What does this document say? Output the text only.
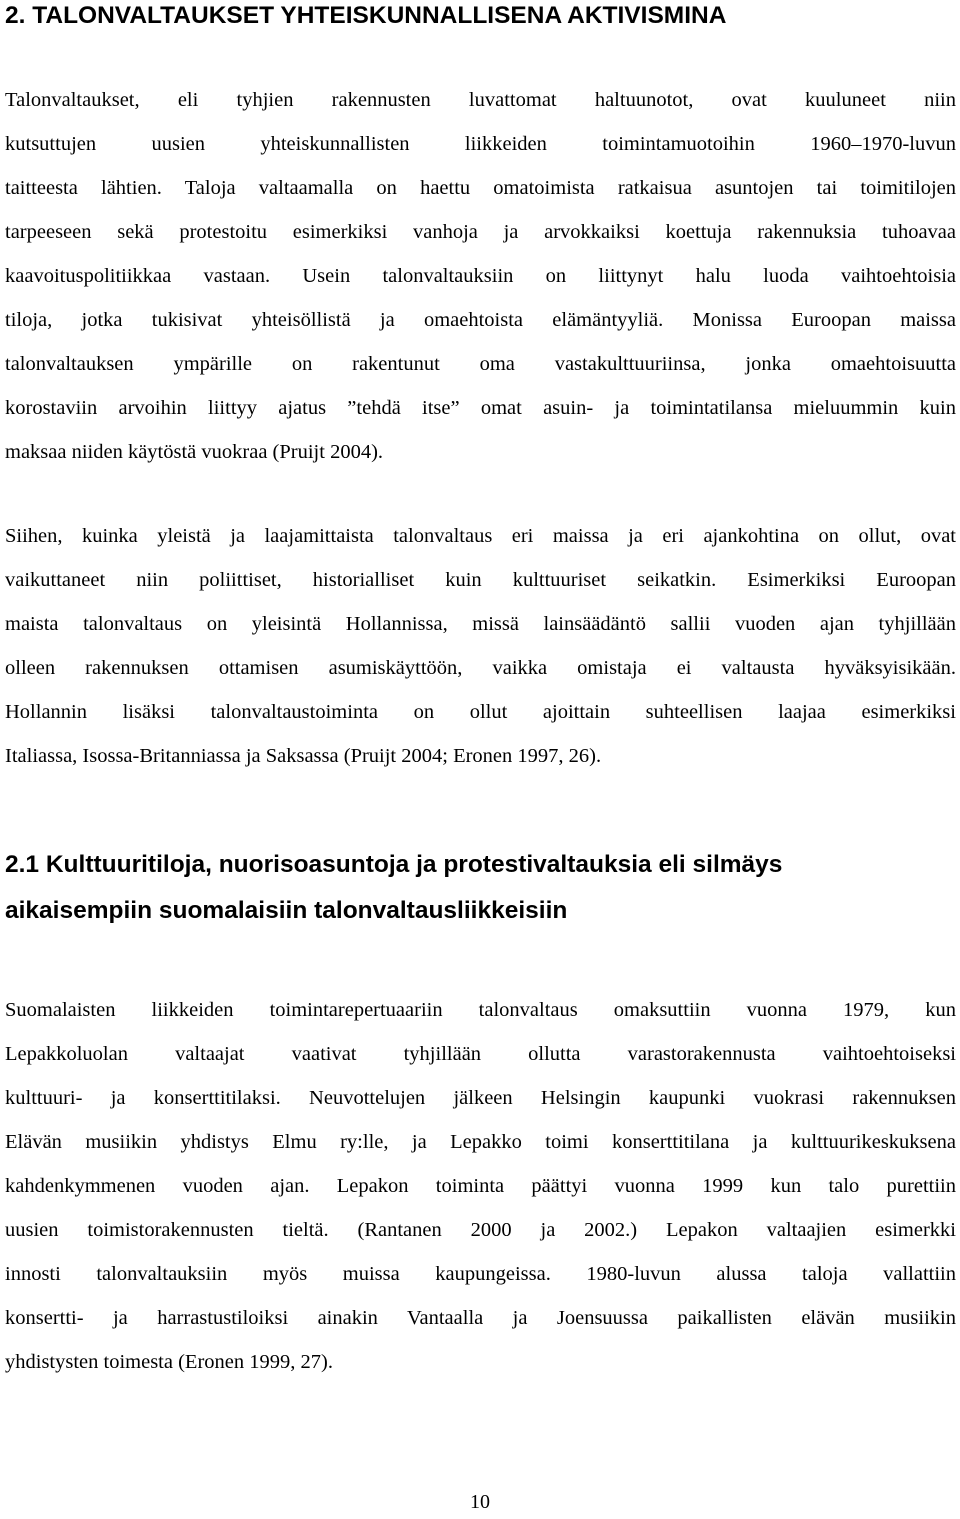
2. TALONVALTAUKSET YHTEISKUNNALLISENA AKTIVISMINA
Talonvaltaukset, eli tyhjien rakennusten luvattomat haltuunotot, ovat kuuluneet niin
kutsuttujen uusien yhteiskunnallisten liikkeiden toimintamuotoihin 1960–1970-luvun
taitteesta lähtien. Taloja valtaamalla on haettu omatoimista ratkaisua asuntojen tai toimitilojen
tarpeeseen sekä protestoitu esimerkiksi vanhoja ja arvokkaiksi koettuja rakennuksia tuhoavaa
kaavoituspolitiikkaa vastaan. Usein talonvaltauksiin on liittynyt halu luoda vaihtoehtoisia
tiloja, jotka tukisivat yhteisöllistä ja omaehtoista elämäntyyliä. Monissa Euroopan maissa
talonvaltauksen ympärille on rakentunut oma vastakulttuuriinsa, jonka omaehtoisuutta
korostaviin arvoihin liittyy ajatus ”tehdä itse” omat asuin- ja toimintatilansa mieluummin kuin
maksaa niiden käytöstä vuokraa (Pruijt 2004).
Siihen, kuinka yleistä ja laajamittaista talonvaltaus eri maissa ja eri ajankohtina on ollut, ovat
vaikuttaneet niin poliittiset, historialliset kuin kulttuuriset seikatkin. Esimerkiksi Euroopan
maista talonvaltaus on yleisintä Hollannissa, missä lainsäädäntö sallii vuoden ajan tyhjillään
olleen rakennuksen ottamisen asumiskäyttöön, vaikka omistaja ei valtausta hyväksyisikään.
Hollannin lisäksi talonvaltaustoiminta on ollut ajoittain suhteellisen laajaa esimerkiksi
Italiassa, Isossa-Britanniassa ja Saksassa (Pruijt 2004; Eronen 1997, 26).
2.1 Kulttuuritiloja, nuorisoasuntoja ja protestivaltauksia eli silmäys
aikaisempiin suomalaisiin talonvaltausliikkeisiin
Suomalaisten liikkeiden toimintarepertuaariin talonvaltaus omaksuttiin vuonna 1979, kun
Lepakkoluolan valtaajat vaativat tyhjillään ollutta varastorakennusta vaihtoehtoiseksi
kulttuuri- ja konserttitilaksi. Neuvottelujen jälkeen Helsingin kaupunki vuokrasi rakennuksen
Elävän musiikin yhdistys Elmu ry:lle, ja Lepakko toimi konserttitilana ja kulttuurikeskuksena
kahdenkymmenen vuoden ajan. Lepakon toiminta päättyi vuonna 1999 kun talo purettiin
uusien toimistorakennusten tieltä. (Rantanen 2000 ja 2002.) Lepakon valtaajien esimerkki
innosti talonvaltauksiin myös muissa kaupungeissa. 1980-luvun alussa taloja vallattiin
konsertti- ja harrastustiloiksi ainakin Vantaalla ja Joensuussa paikallisten elävän musiikin
yhdistysten toimesta (Eronen 1999, 27).

10
